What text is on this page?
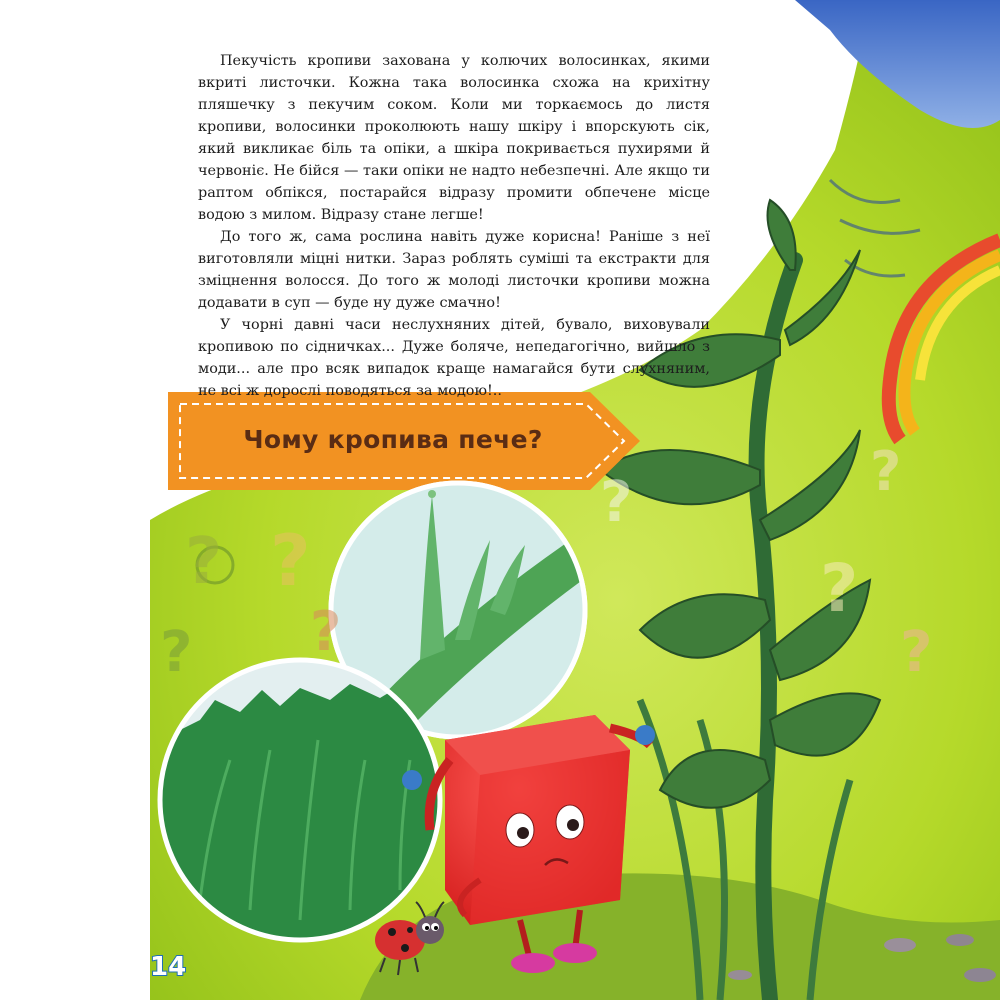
? ?
?
?
?	?
?
?

Пекучість кропиви захована у колючих волосинках, якими вкриті листочки. Кожна така волосинка схожа на крихітну пляшечку з пекучим соком. Коли ми торкаємось до листя кропиви, волосинки проколюють нашу шкіру і впорскують сік, який викликає біль та опіки, а шкіра покривається пухирями й червоніє. Не бійся — таки опіки не надто небезпечні. Але якщо ти раптом обпікся, постарайся відразу промити обпечене місце водою з милом. Відразу стане легше!

До того ж, сама рослина навіть дуже корисна! Раніше з неї виготовляли міцні нитки. Зараз роблять суміші та екстракти для зміцнення волосся. До того ж молоді листочки кропиви можна додавати в суп — буде ну дуже смачно!

У чорні давні часи неслухняних дітей, бувало, виховували кропивою по сідничках... Дуже боляче, непедагогічно, вийшло з моди... але про всяк випадок краще намагайся бути слухняним, не всі ж дорослі поводяться за модою!..

Чому кропива пече?
14
